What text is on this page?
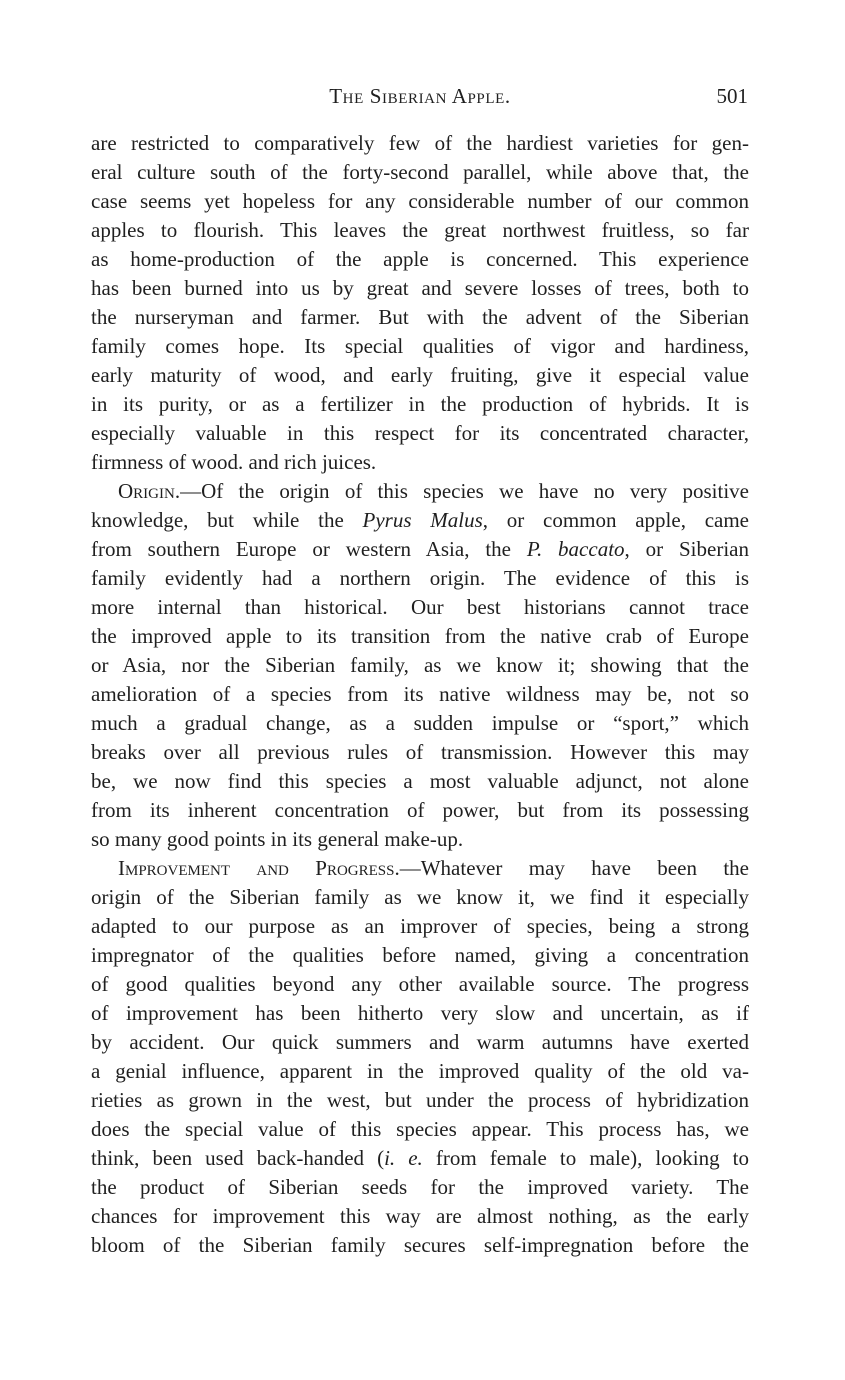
The Siberian Apple.	501
are restricted to comparatively few of the hardiest varieties for gen-
eral culture south of the forty-second parallel, while above that, the
case seems yet hopeless for any considerable number of our common
apples to flourish. This leaves the great northwest fruitless, so far
as home-production of the apple is concerned. This experience
has been burned into us by great and severe losses of trees, both to
the nurseryman and farmer. But with the advent of the Siberian
family comes hope. Its special qualities of vigor and hardiness,
early maturity of wood, and early fruiting, give it especial value
in its purity, or as a fertilizer in the production of hybrids. It is
especially valuable in this respect for its concentrated character,
firmness of wood. and rich juices.
Origin.—Of the origin of this species we have no very positive
knowledge, but while the Pyrus Malus, or common apple, came
from southern Europe or western Asia, the P. baccato, or Siberian
family evidently had a northern origin. The evidence of this is
more internal than historical. Our best historians cannot trace
the improved apple to its transition from the native crab of Europe
or Asia, nor the Siberian family, as we know it; showing that the
amelioration of a species from its native wildness may be, not so
much a gradual change, as a sudden impulse or “sport,” which
breaks over all previous rules of transmission. However this may
be, we now find this species a most valuable adjunct, not alone
from its inherent concentration of power, but from its possessing
so many good points in its general make-up.
Improvement and Progress.—Whatever may have been the
origin of the Siberian family as we know it, we find it especially
adapted to our purpose as an improver of species, being a strong
impregnator of the qualities before named, giving a concentration
of good qualities beyond any other available source. The progress
of improvement has been hitherto very slow and uncertain, as if
by accident. Our quick summers and warm autumns have exerted
a genial influence, apparent in the improved quality of the old va-
rieties as grown in the west, but under the process of hybridization
does the special value of this species appear. This process has, we
think, been used back-handed (i. e. from female to male), looking to
the product of Siberian seeds for the improved variety. The
chances for improvement this way are almost nothing, as the early
bloom of the Siberian family secures self-impregnation before the
